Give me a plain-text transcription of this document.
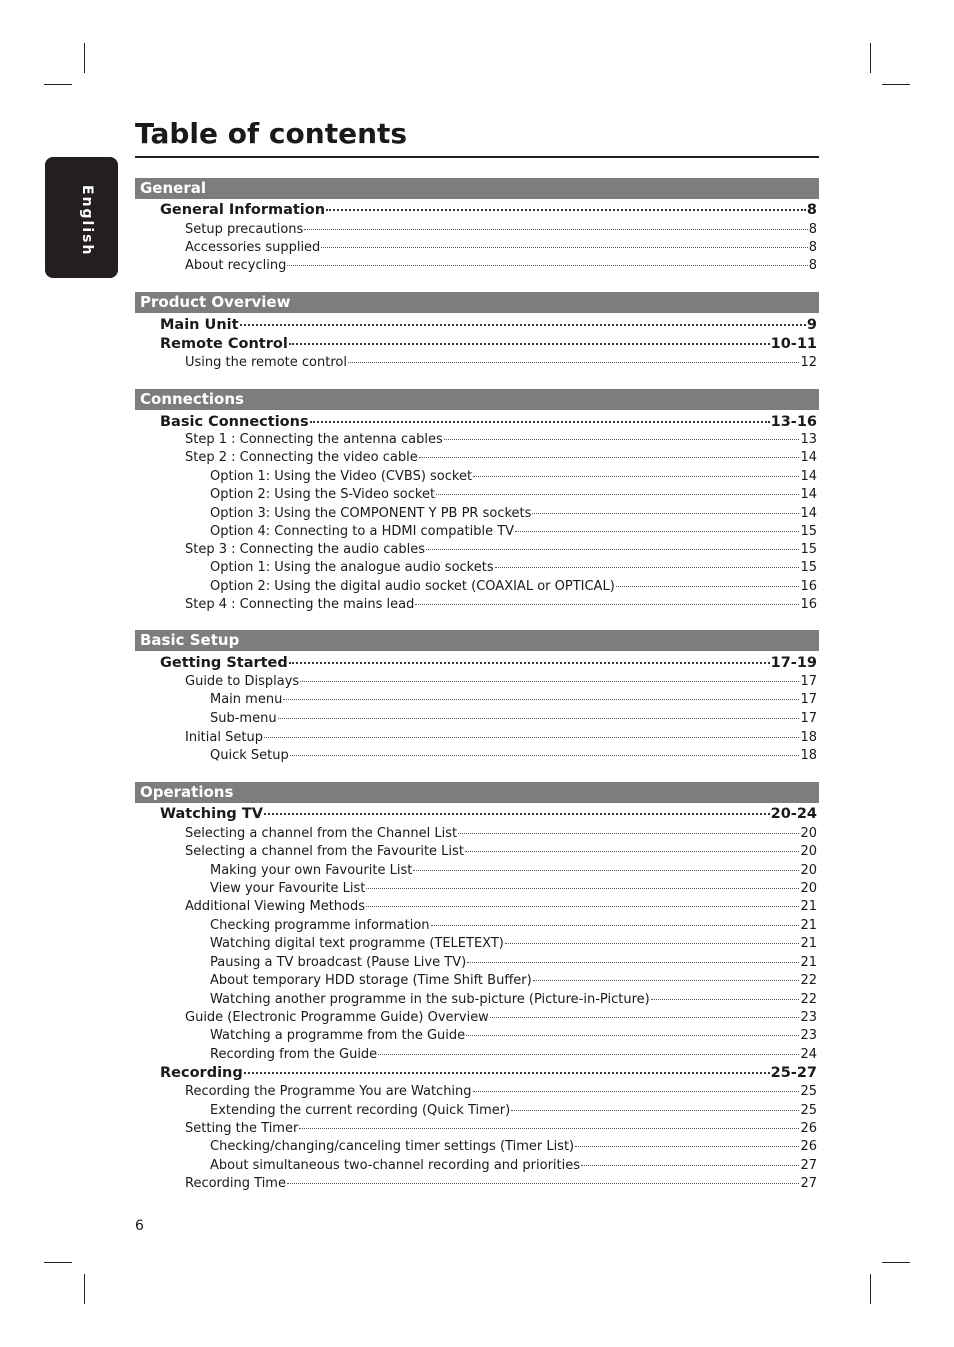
English
Table of contents
General
General Information	8
Setup precautions	8
Accessories supplied	8
About recycling	8
Product Overview
Main Unit	9
Remote Control	10-11
Using the remote control	12
Connections
Basic Connections	13-16
Step 1 : Connecting the antenna cables	13
Step 2 : Connecting the video cable	14
Option 1: Using the Video (CVBS) socket	14
Option 2: Using the S-Video socket	14
Option 3: Using the COMPONENT Y PB PR sockets	14
Option 4: Connecting to a HDMI compatible TV	15
Step 3 : Connecting the audio cables	15
Option 1: Using the analogue audio sockets	15
Option 2: Using the digital audio socket (COAXIAL or OPTICAL)	16
Step 4 : Connecting the mains lead	16
Basic Setup
Getting Started	17-19
Guide to Displays	17
Main menu	17
Sub-menu	17
Initial Setup	18
Quick Setup	18
Operations
Watching TV	20-24
Selecting a channel from the Channel List	20
Selecting a channel from the Favourite List	20
Making your own Favourite List	20
View your Favourite List	20
Additional Viewing Methods	21
Checking programme information	21
Watching digital text programme (TELETEXT)	21
Pausing a TV broadcast (Pause Live TV)	21
About temporary HDD storage (Time Shift Buffer)	22
Watching another programme in the sub-picture (Picture-in-Picture)	22
Guide (Electronic Programme Guide) Overview	23
Watching a programme from the Guide	23
Recording from the Guide	24
Recording	25-27
Recording the Programme You are Watching	25
Extending the current recording (Quick Timer)	25
Setting the Timer	26
Checking/changing/canceling timer settings (Timer List)	26
About simultaneous two-channel recording and priorities	27
Recording Time	27
6
